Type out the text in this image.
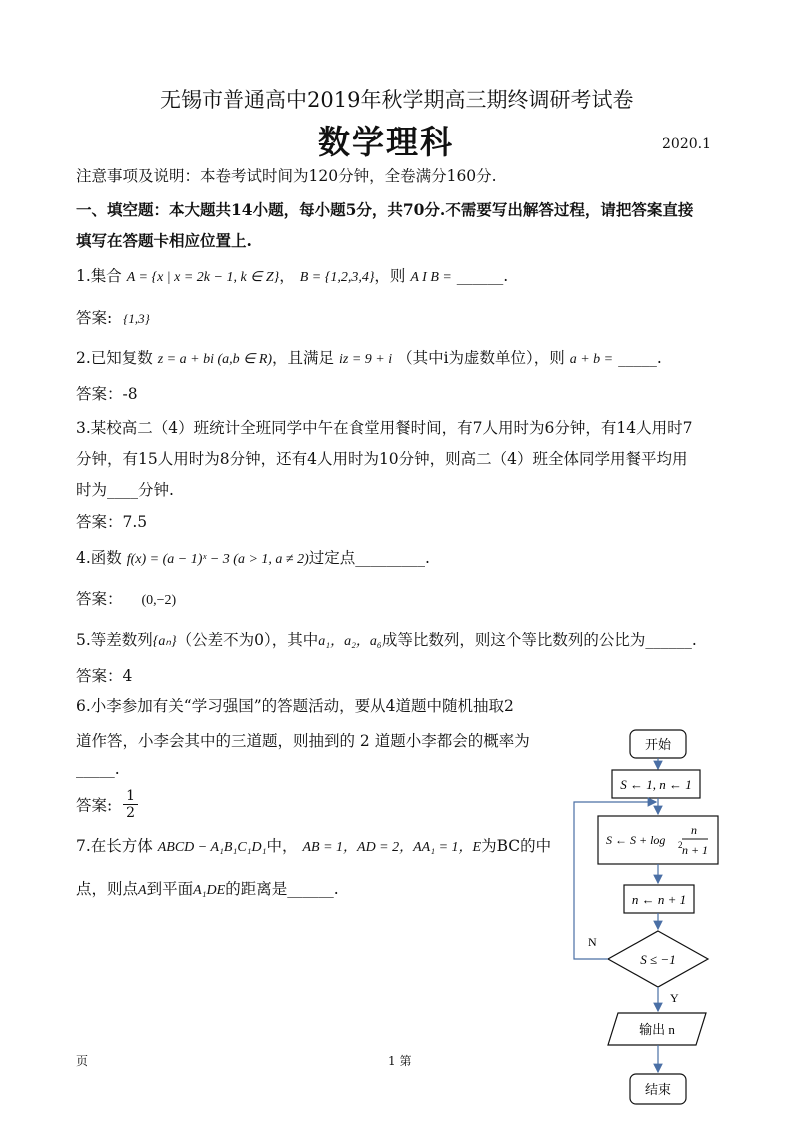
无锡市普通高中2019年秋学期高三期终调研考试卷
数学理科	2020.1
注意事项及说明：本卷考试时间为120分钟，全卷满分160分.
一、填空题：本大题共14小题，每小题5分，共70分.不需要写出解答过程，请把答案直接
填写在答题卡相应位置上.
1.集合 A = {x | x = 2k − 1, k ∈ Z}， B = {1,2,3,4}，则 A I B = ______.
答案: {1,3}
2.已知复数 z = a + bi (a,b ∈ R)，且满足 iz = 9 + i （其中i为虚数单位），则 a + b = _____.
答案：-8
3.某校高二（4）班统计全班同学中午在食堂用餐时间，有7人用时为6分钟，有14人用时7
分钟，有15人用时为8分钟，还有4人用时为10分钟，则高二（4）班全体同学用餐平均用
时为____分钟.
答案：7.5
4.函数 f(x) = (a − 1)ˣ − 3 (a > 1, a ≠ 2)过定点_________.
答案： (0,−2)
5.等差数列{aₙ}（公差不为0），其中a₁，a₂，a₆成等比数列，则这个等比数列的公比为______.
答案：4
6.小李参加有关“学习强国”的答题活动，要从4道题中随机抽取2
道作答，小李会其中的三道题，则抽到的 2 道题小李都会的概率为
_____.
答案: $\frac{1}{2}$
7.在长方体 ABCD − A₁B₁C₁D₁中， AB = 1，AD = 2，AA₁ = 1，E为BC的中
点，则点A到平面A₁DE的距离是______.
开始
S ← 1, n ← 1
S ← S + log 2
n
n + 1
n ← n + 1
S ≤ −1
N
Y
输出 n
结束
页	1 第
